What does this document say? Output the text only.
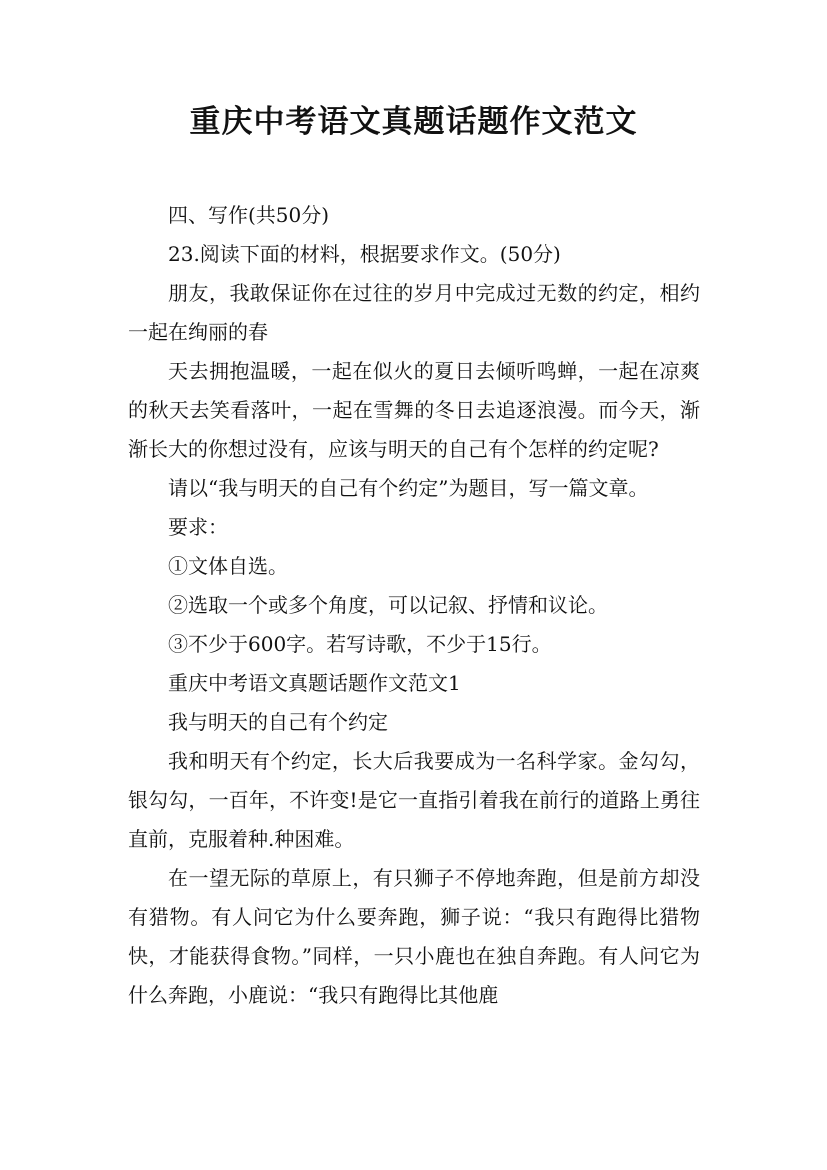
重庆中考语文真题话题作文范文

四、写作(共50分)

23.阅读下面的材料，根据要求作文。(50分)

朋友，我敢保证你在过往的岁月中完成过无数的约定，相约一起在绚丽的春

天去拥抱温暖，一起在似火的夏日去倾听鸣蝉，一起在凉爽的秋天去笑看落叶，一起在雪舞的冬日去追逐浪漫。而今天，渐渐长大的你想过没有，应该与明天的自己有个怎样的约定呢?

请以“我与明天的自己有个约定”为题目，写一篇文章。

要求：

①文体自选。

②选取一个或多个角度，可以记叙、抒情和议论。

③不少于600字。若写诗歌，不少于15行。

重庆中考语文真题话题作文范文1

我与明天的自己有个约定

我和明天有个约定，长大后我要成为一名科学家。金勾勾，银勾勾，一百年，不许变!是它一直指引着我在前行的道路上勇往直前，克服着种.种困难。

在一望无际的草原上，有只狮子不停地奔跑，但是前方却没有猎物。有人问它为什么要奔跑，狮子说：“我只有跑得比猎物快，才能获得食物。”同样，一只小鹿也在独自奔跑。有人问它为什么奔跑，小鹿说：“我只有跑得比其他鹿
